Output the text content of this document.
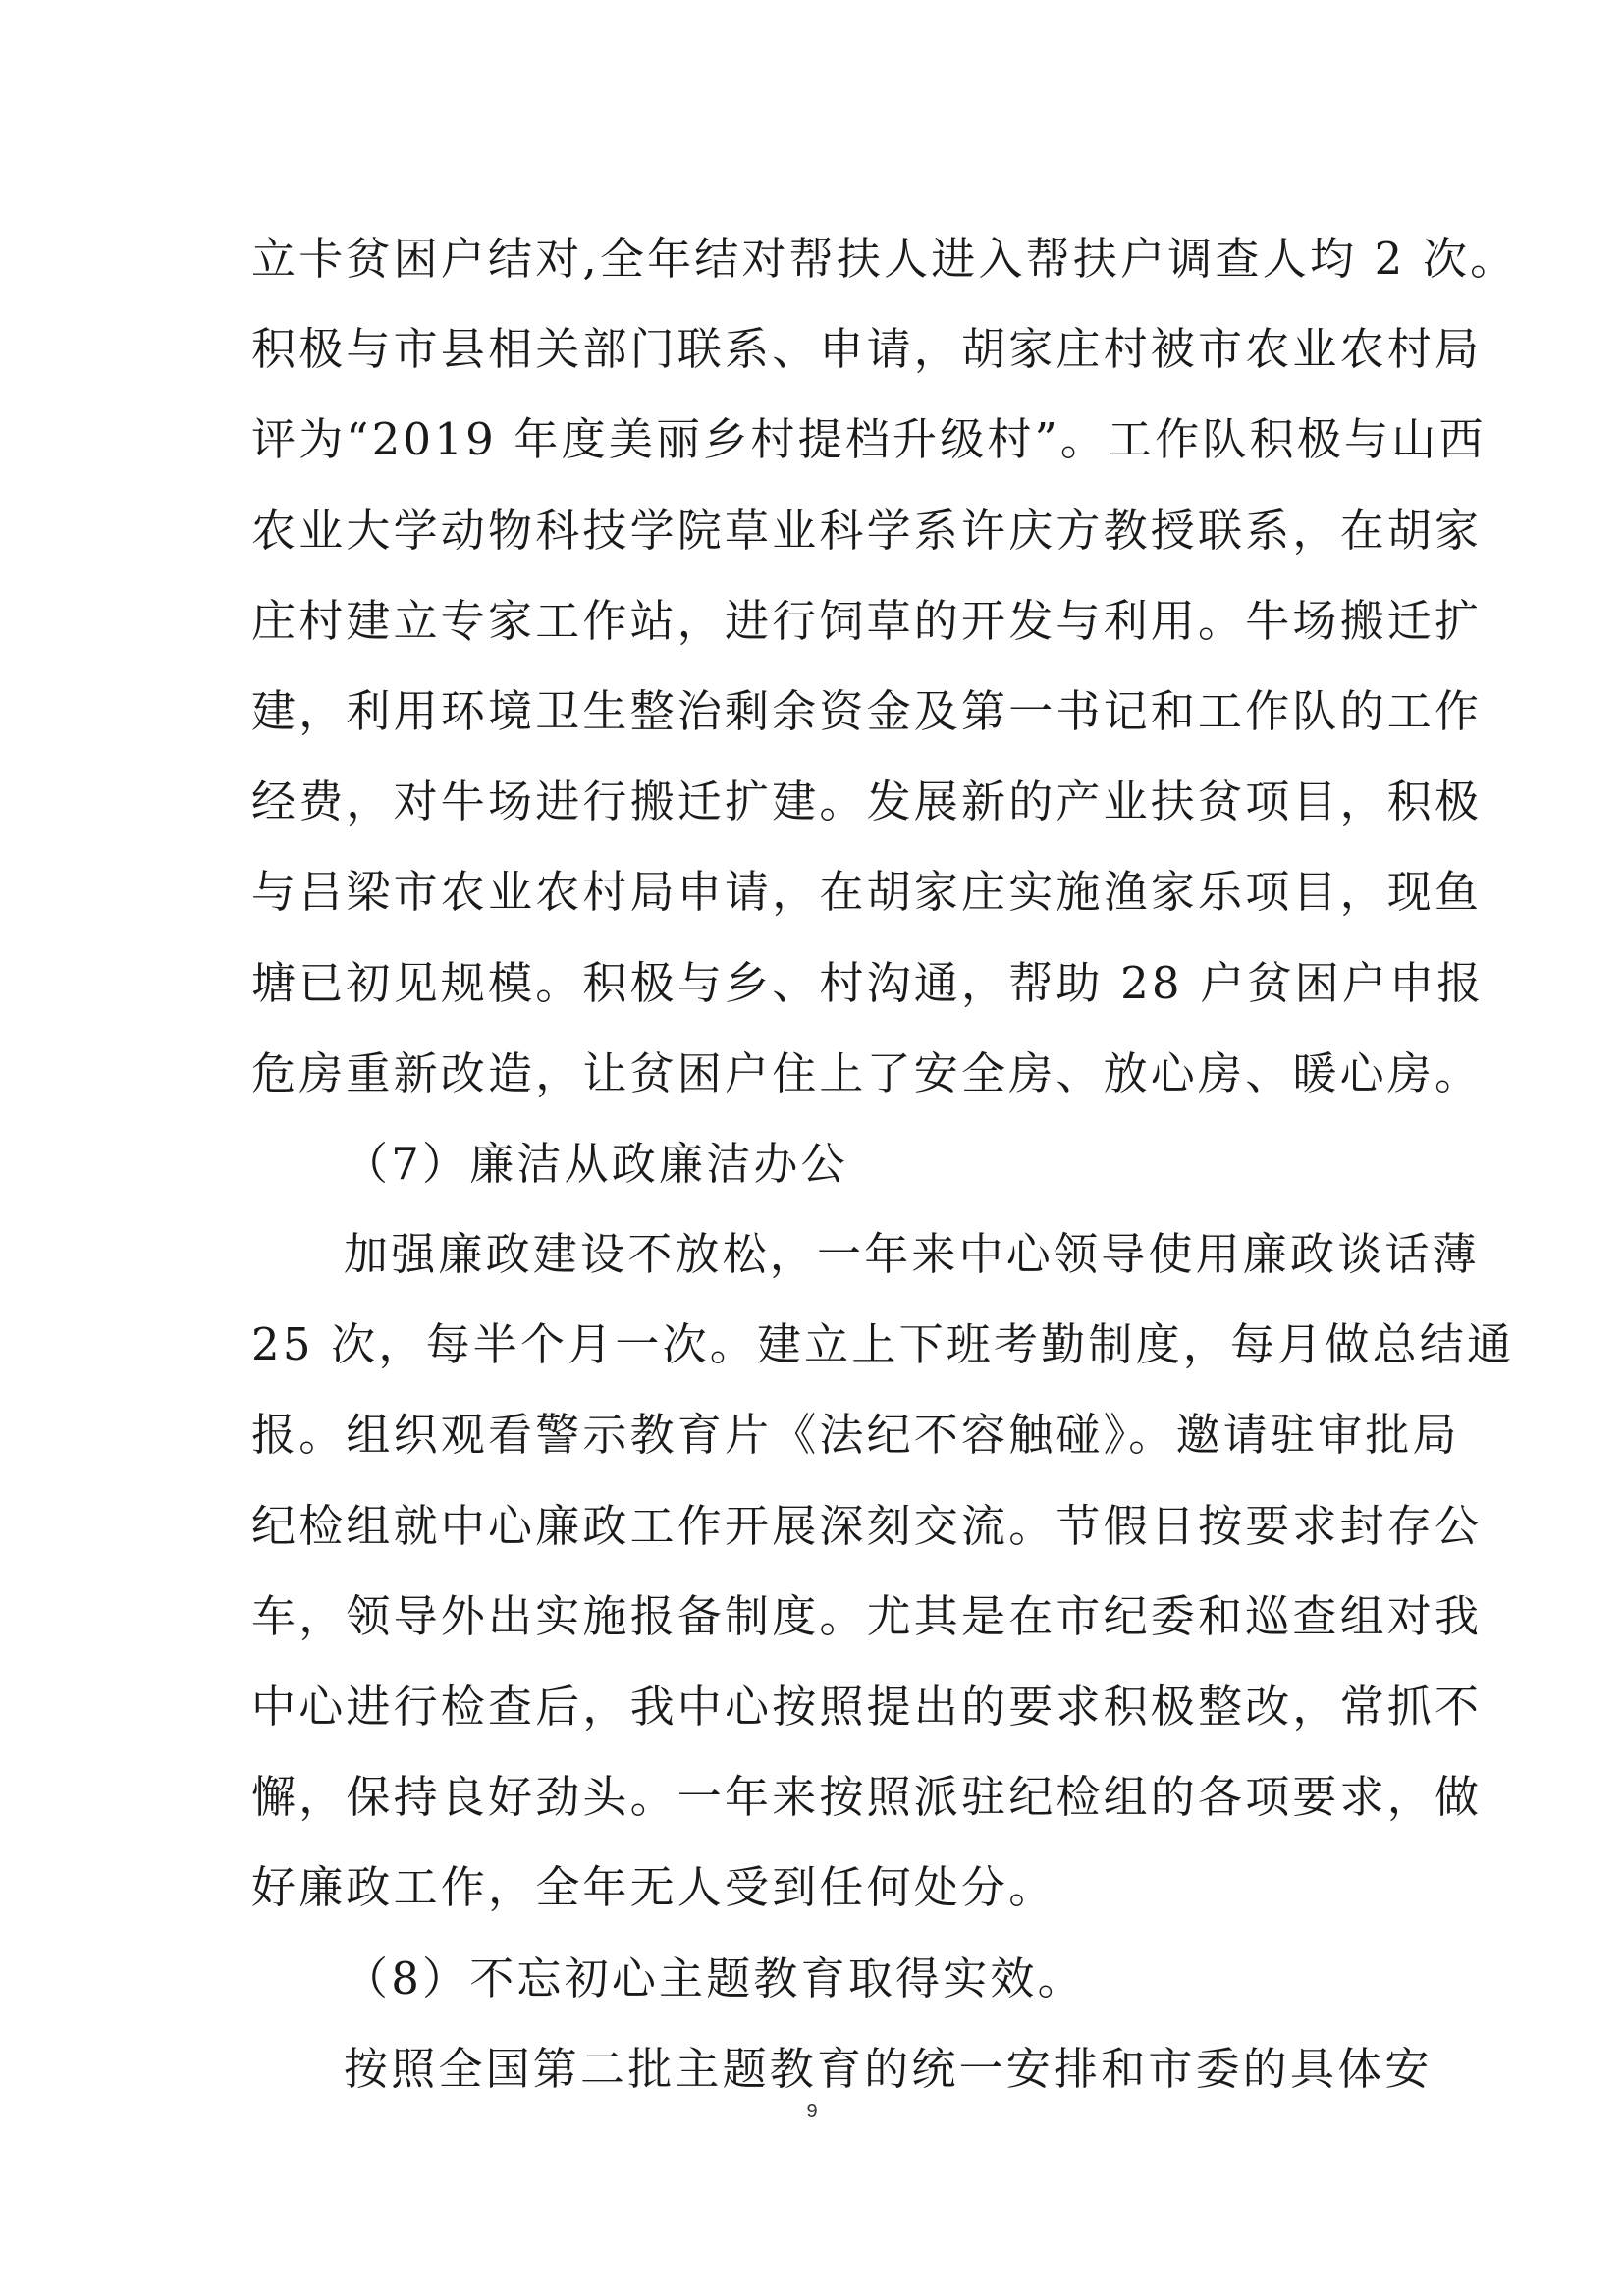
立卡贫困户结对,全年结对帮扶人进入帮扶户调查人均 2 次。
积极与市县相关部门联系、申请，胡家庄村被市农业农村局
评为“2019 年度美丽乡村提档升级村”。工作队积极与山西
农业大学动物科技学院草业科学系许庆方教授联系，在胡家
庄村建立专家工作站，进行饲草的开发与利用。牛场搬迁扩
建，利用环境卫生整治剩余资金及第一书记和工作队的工作
经费，对牛场进行搬迁扩建。发展新的产业扶贫项目，积极
与吕梁市农业农村局申请，在胡家庄实施渔家乐项目，现鱼
塘已初见规模。积极与乡、村沟通，帮助 28 户贫困户申报
危房重新改造，让贫困户住上了安全房、放心房、暖心房。
（7）廉洁从政廉洁办公
加强廉政建设不放松，一年来中心领导使用廉政谈话薄
25 次，每半个月一次。建立上下班考勤制度，每月做总结通
报。组织观看警示教育片《法纪不容触碰》。邀请驻审批局
纪检组就中心廉政工作开展深刻交流。节假日按要求封存公
车，领导外出实施报备制度。尤其是在市纪委和巡查组对我
中心进行检查后，我中心按照提出的要求积极整改，常抓不
懈，保持良好劲头。一年来按照派驻纪检组的各项要求，做
好廉政工作，全年无人受到任何处分。
（8）不忘初心主题教育取得实效。
按照全国第二批主题教育的统一安排和市委的具体安
9
